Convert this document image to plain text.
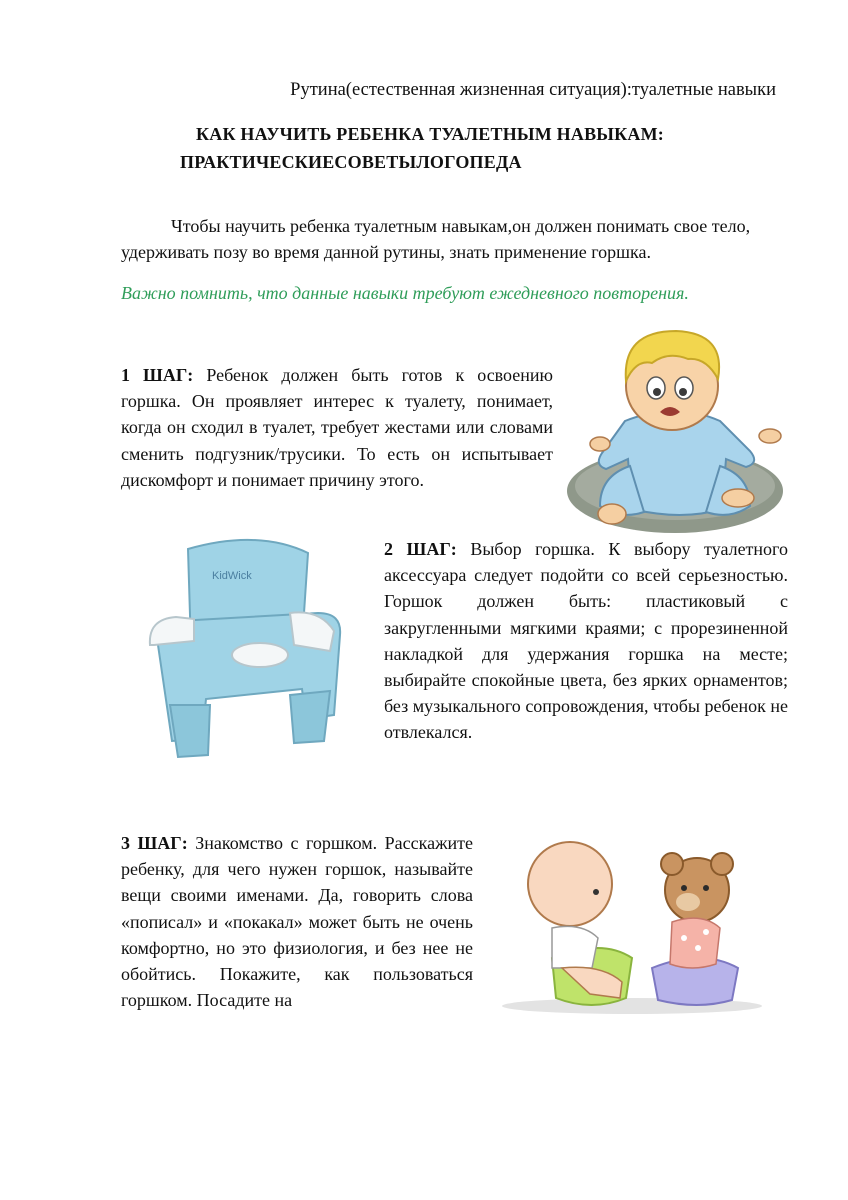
Рутина(естественная жизненная ситуация):туалетные навыки
КАК НАУЧИТЬ РЕБЕНКА ТУАЛЕТНЫМ НАВЫКАМ:
ПРАКТИЧЕСКИЕСОВЕТЫЛОГОПЕДА

Чтобы научить ребенка туалетным навыкам,он должен понимать свое тело, удерживать позу во время данной рутины, знать применение горшка.

Важно помнить, что данные навыки требуют ежедневного повторения.

1 ШАГ: Ребенок должен быть готов к освоению горшка. Он проявляет интерес к туалету, понимает, когда он сходил в туалет, требует жестами или словами сменить подгузник/трусики. То есть он испытывает дискомфорт и понимает причину этого.

KidWick

2 ШАГ: Выбор горшка. К выбору туалетного аксессуара следует подойти со всей серьезностью. Горшок должен быть: пластиковый с закругленными мягкими краями; с прорезиненной накладкой для удержания горшка на месте; выбирайте спокойные цвета, без ярких орнаментов; без музыкального сопровождения, чтобы ребенок не отвлекался.

3 ШАГ: Знакомство с горшком. Расскажите ребенку, для чего нужен горшок, называйте вещи своими именами. Да, говорить слова «пописал» и «покакал» может быть не очень комфортно, но это физиология, и без нее не обойтись. Покажите, как пользоваться горшком. Посадите на
